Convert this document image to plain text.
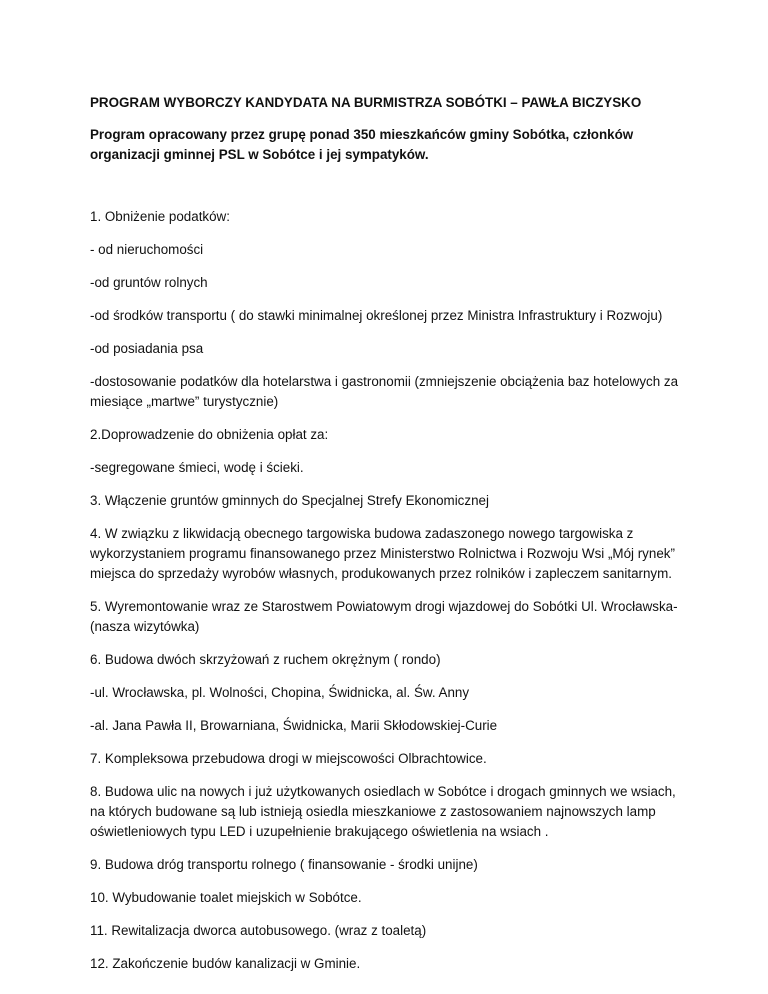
PROGRAM WYBORCZY KANDYDATA NA BURMISTRZA SOBÓTKI – PAWŁA BICZYSKO
Program opracowany przez grupę ponad 350 mieszkańców gminy Sobótka, członków organizacji gminnej PSL w Sobótce i jej sympatyków.
1. Obniżenie podatków:
- od nieruchomości
-od gruntów rolnych
-od środków transportu ( do stawki minimalnej określonej przez Ministra Infrastruktury i Rozwoju)
-od posiadania psa
-dostosowanie podatków dla hotelarstwa i gastronomii (zmniejszenie obciążenia baz hotelowych za miesiące „martwe” turystycznie)
2.Doprowadzenie do obniżenia opłat za:
-segregowane śmieci, wodę i ścieki.
3. Włączenie gruntów gminnych do Specjalnej Strefy Ekonomicznej
4. W związku z likwidacją obecnego targowiska budowa zadaszonego nowego targowiska z wykorzystaniem programu finansowanego przez Ministerstwo Rolnictwa i Rozwoju Wsi „Mój rynek” miejsca do sprzedaży wyrobów własnych, produkowanych przez rolników i zapleczem sanitarnym.
5. Wyremontowanie wraz ze Starostwem Powiatowym drogi wjazdowej do Sobótki Ul. Wrocławska- (nasza wizytówka)
6. Budowa dwóch skrzyżowań z ruchem okrężnym ( rondo)
-ul. Wrocławska, pl. Wolności, Chopina, Świdnicka, al. Św. Anny
-al. Jana Pawła II, Browarniana, Świdnicka, Marii Skłodowskiej-Curie
7. Kompleksowa przebudowa drogi w miejscowości Olbrachtowice.
8. Budowa ulic na nowych i już użytkowanych osiedlach w Sobótce i drogach gminnych we wsiach, na których budowane są lub istnieją osiedla mieszkaniowe z zastosowaniem najnowszych lamp oświetleniowych typu LED i uzupełnienie brakującego oświetlenia na wsiach .
9. Budowa dróg transportu rolnego ( finansowanie - środki unijne)
10. Wybudowanie toalet miejskich w Sobótce.
11. Rewitalizacja dworca autobusowego. (wraz z toaletą)
12. Zakończenie budów kanalizacji w Gminie.
